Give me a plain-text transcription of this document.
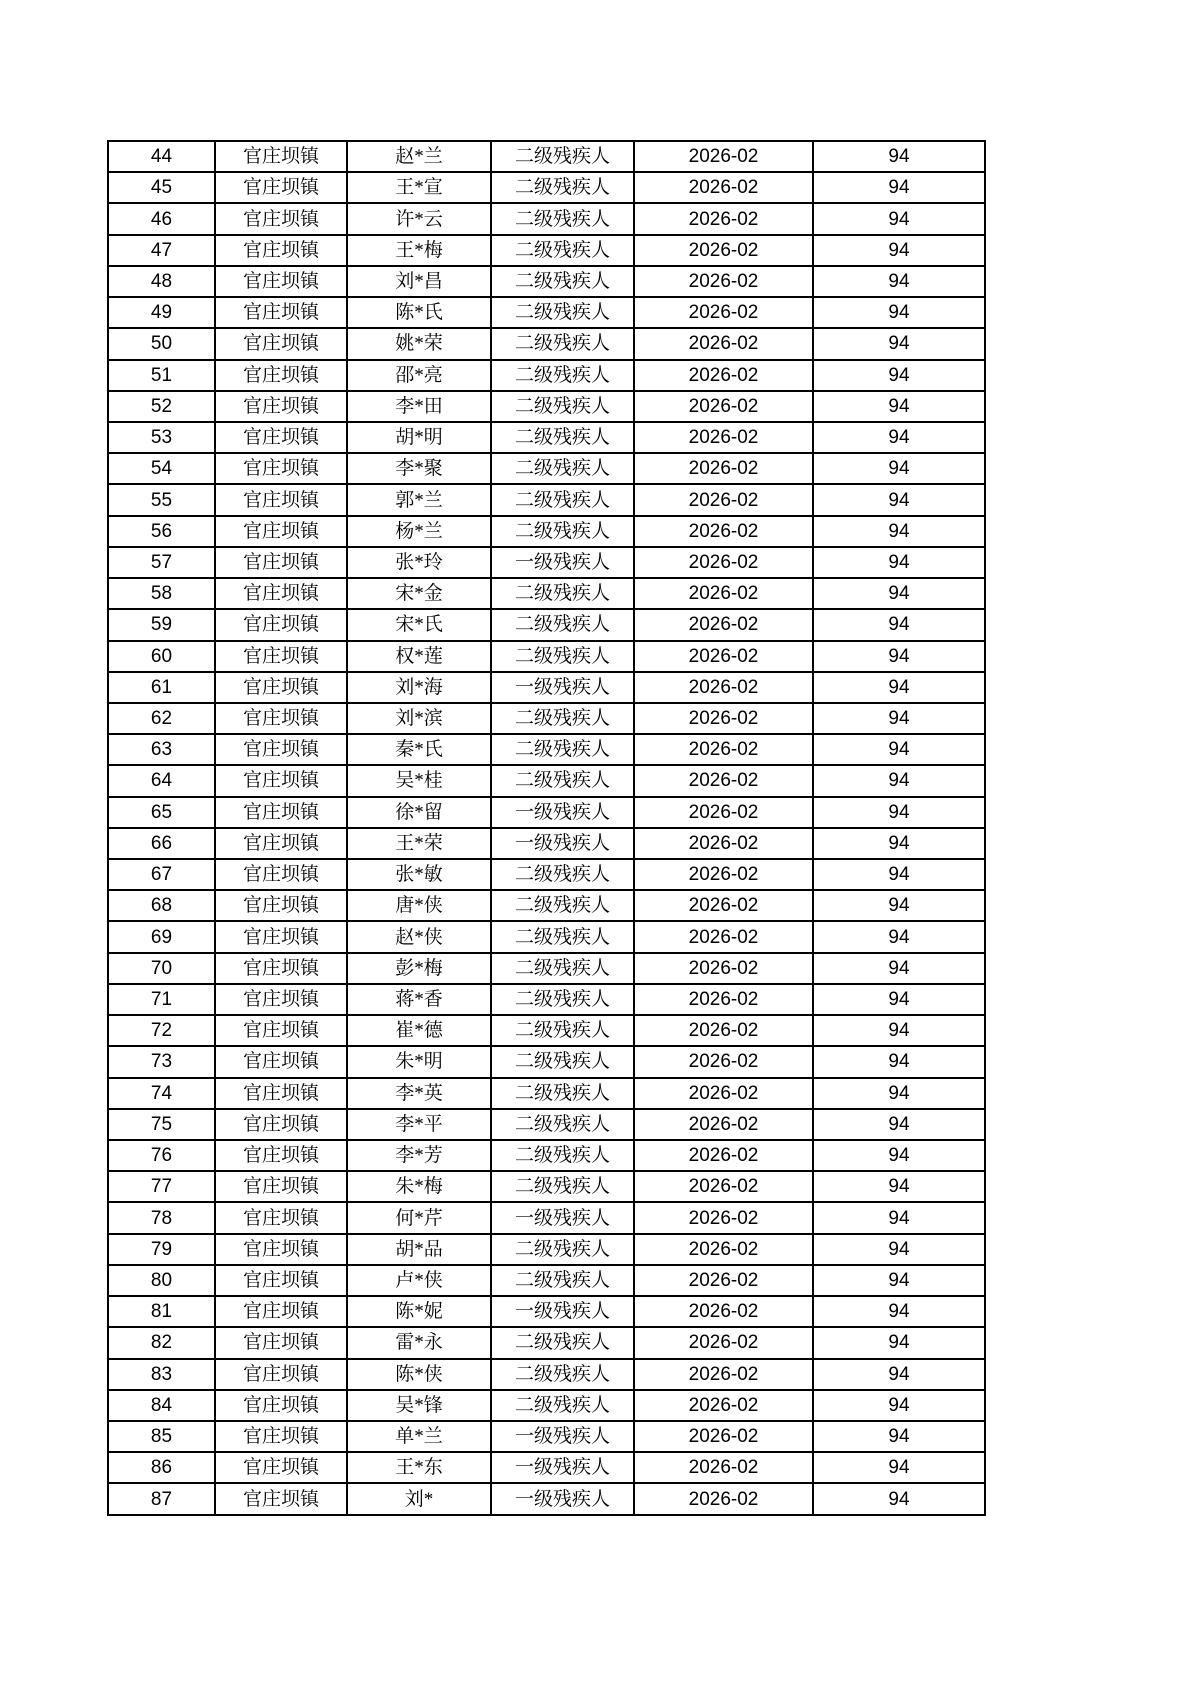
44	官庄坝镇	赵*兰	二级残疾人	2026-02	94
45	官庄坝镇	王*宣	二级残疾人	2026-02	94
46	官庄坝镇	许*云	二级残疾人	2026-02	94
47	官庄坝镇	王*梅	二级残疾人	2026-02	94
48	官庄坝镇	刘*昌	二级残疾人	2026-02	94
49	官庄坝镇	陈*氏	二级残疾人	2026-02	94
50	官庄坝镇	姚*荣	二级残疾人	2026-02	94
51	官庄坝镇	邵*亮	二级残疾人	2026-02	94
52	官庄坝镇	李*田	二级残疾人	2026-02	94
53	官庄坝镇	胡*明	二级残疾人	2026-02	94
54	官庄坝镇	李*聚	二级残疾人	2026-02	94
55	官庄坝镇	郭*兰	二级残疾人	2026-02	94
56	官庄坝镇	杨*兰	二级残疾人	2026-02	94
57	官庄坝镇	张*玲	一级残疾人	2026-02	94
58	官庄坝镇	宋*金	二级残疾人	2026-02	94
59	官庄坝镇	宋*氏	二级残疾人	2026-02	94
60	官庄坝镇	权*莲	二级残疾人	2026-02	94
61	官庄坝镇	刘*海	一级残疾人	2026-02	94
62	官庄坝镇	刘*滨	二级残疾人	2026-02	94
63	官庄坝镇	秦*氏	二级残疾人	2026-02	94
64	官庄坝镇	吴*桂	二级残疾人	2026-02	94
65	官庄坝镇	徐*留	一级残疾人	2026-02	94
66	官庄坝镇	王*荣	一级残疾人	2026-02	94
67	官庄坝镇	张*敏	二级残疾人	2026-02	94
68	官庄坝镇	唐*侠	二级残疾人	2026-02	94
69	官庄坝镇	赵*侠	二级残疾人	2026-02	94
70	官庄坝镇	彭*梅	二级残疾人	2026-02	94
71	官庄坝镇	蒋*香	二级残疾人	2026-02	94
72	官庄坝镇	崔*德	二级残疾人	2026-02	94
73	官庄坝镇	朱*明	二级残疾人	2026-02	94
74	官庄坝镇	李*英	二级残疾人	2026-02	94
75	官庄坝镇	李*平	二级残疾人	2026-02	94
76	官庄坝镇	李*芳	二级残疾人	2026-02	94
77	官庄坝镇	朱*梅	二级残疾人	2026-02	94
78	官庄坝镇	何*芹	一级残疾人	2026-02	94
79	官庄坝镇	胡*品	二级残疾人	2026-02	94
80	官庄坝镇	卢*侠	二级残疾人	2026-02	94
81	官庄坝镇	陈*妮	一级残疾人	2026-02	94
82	官庄坝镇	雷*永	二级残疾人	2026-02	94
83	官庄坝镇	陈*侠	二级残疾人	2026-02	94
84	官庄坝镇	吴*锋	二级残疾人	2026-02	94
85	官庄坝镇	单*兰	一级残疾人	2026-02	94
86	官庄坝镇	王*东	一级残疾人	2026-02	94
87	官庄坝镇	刘*	一级残疾人	2026-02	94
